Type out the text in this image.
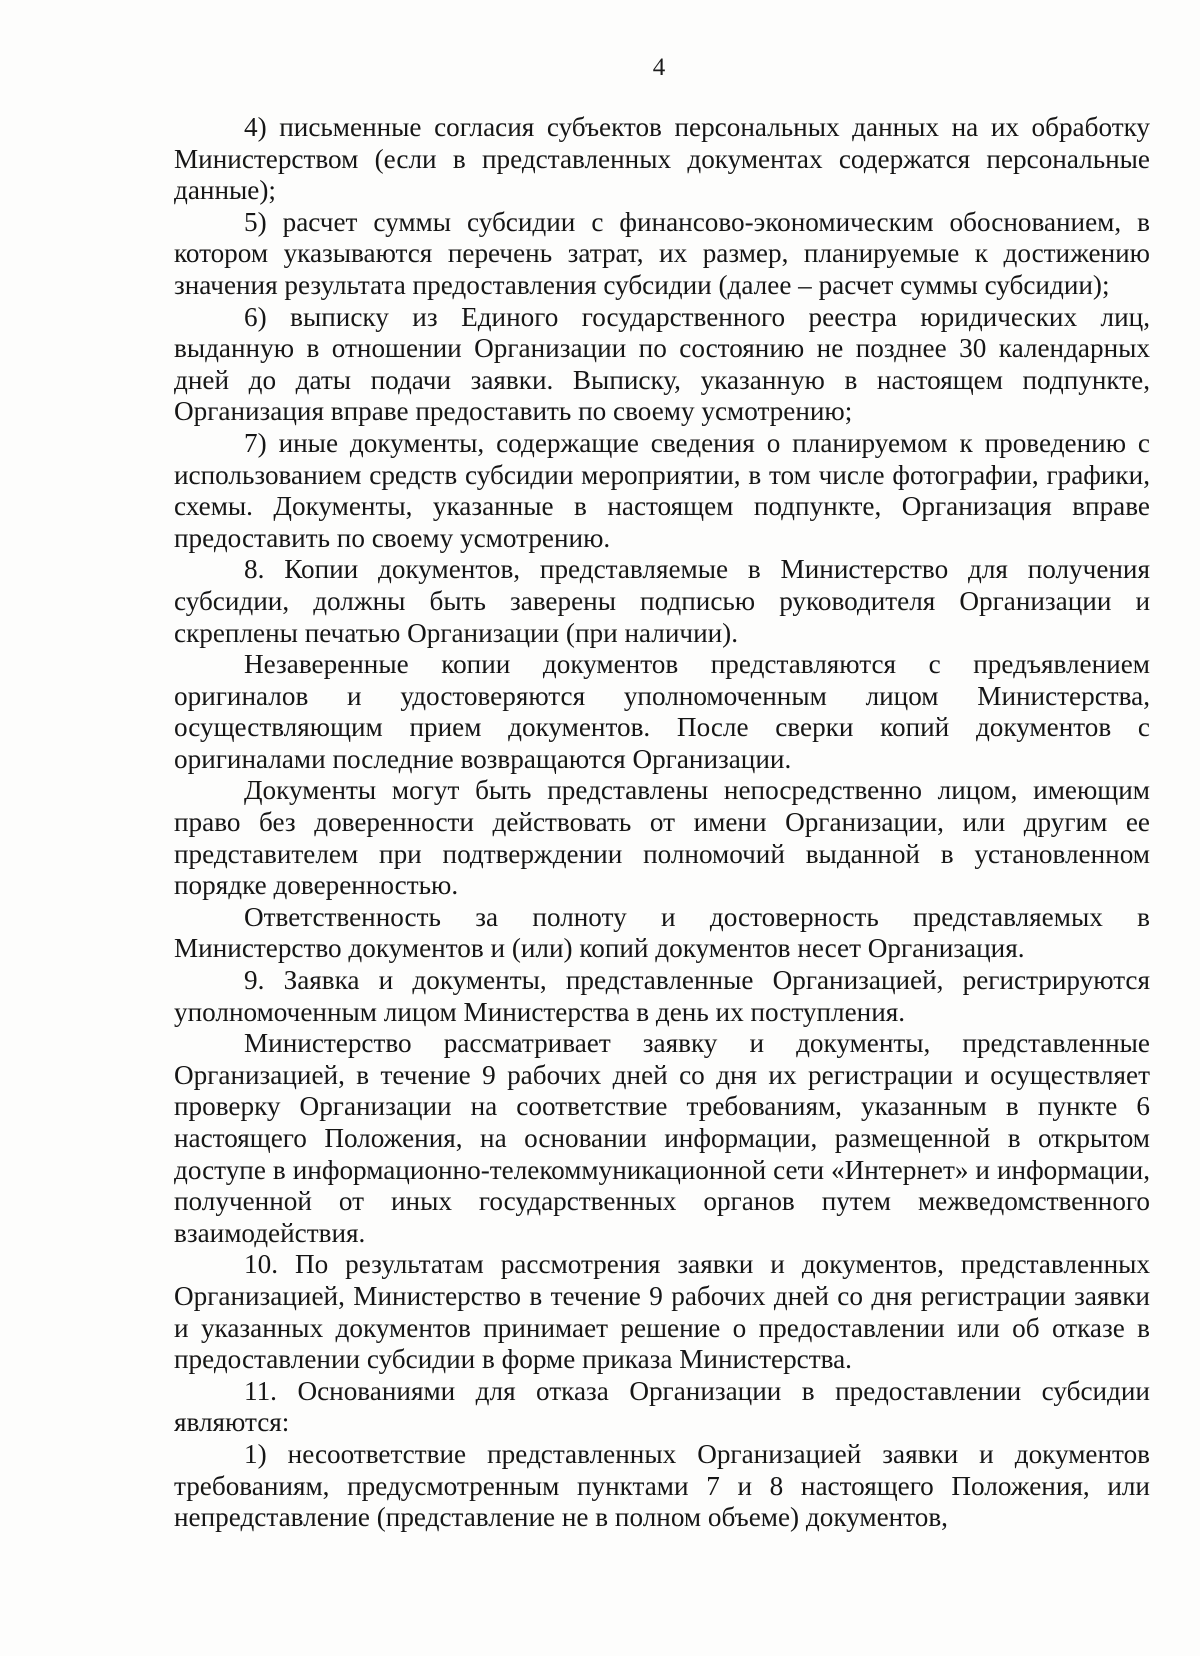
4

4) письменные согласия субъектов персональных данных на их обработку Министерством (если в представленных документах содержатся персональные данные);

5) расчет суммы субсидии с финансово-экономическим обоснованием, в котором указываются перечень затрат, их размер, планируемые к достижению значения результата предоставления субсидии (далее – расчет суммы субсидии);

6) выписку из Единого государственного реестра юридических лиц, выданную в отношении Организации по состоянию не позднее 30 календарных дней до даты подачи заявки. Выписку, указанную в настоящем подпункте, Организация вправе предоставить по своему усмотрению;

7) иные документы, содержащие сведения о планируемом к проведению с использованием средств субсидии мероприятии, в том числе фотографии, графики, схемы. Документы, указанные в настоящем подпункте, Организация вправе предоставить по своему усмотрению.

8. Копии документов, представляемые в Министерство для получения субсидии, должны быть заверены подписью руководителя Организации и скреплены печатью Организации (при наличии).

Незаверенные копии документов представляются с предъявлением оригиналов и удостоверяются уполномоченным лицом Министерства, осуществляющим прием документов. После сверки копий документов с оригиналами последние возвращаются Организации.

Документы могут быть представлены непосредственно лицом, имеющим право без доверенности действовать от имени Организации, или другим ее представителем при подтверждении полномочий выданной в установленном порядке доверенностью.

Ответственность за полноту и достоверность представляемых в Министерство документов и (или) копий документов несет Организация.

9. Заявка и документы, представленные Организацией, регистрируются уполномоченным лицом Министерства в день их поступления.

Министерство рассматривает заявку и документы, представленные Организацией, в течение 9 рабочих дней со дня их регистрации и осуществляет проверку Организации на соответствие требованиям, указанным в пункте 6 настоящего Положения, на основании информации, размещенной в открытом доступе в информационно-телекоммуникационной сети «Интернет» и информации, полученной от иных государственных органов путем межведомственного взаимодействия.

10. По результатам рассмотрения заявки и документов, представленных Организацией, Министерство в течение 9 рабочих дней со дня регистрации заявки и указанных документов принимает решение о предоставлении или об отказе в предоставлении субсидии в форме приказа Министерства.

11. Основаниями для отказа Организации в предоставлении субсидии являются:

1) несоответствие представленных Организацией заявки и документов требованиям, предусмотренным пунктами 7 и 8 настоящего Положения, или непредставление (представление не в полном объеме) документов,
